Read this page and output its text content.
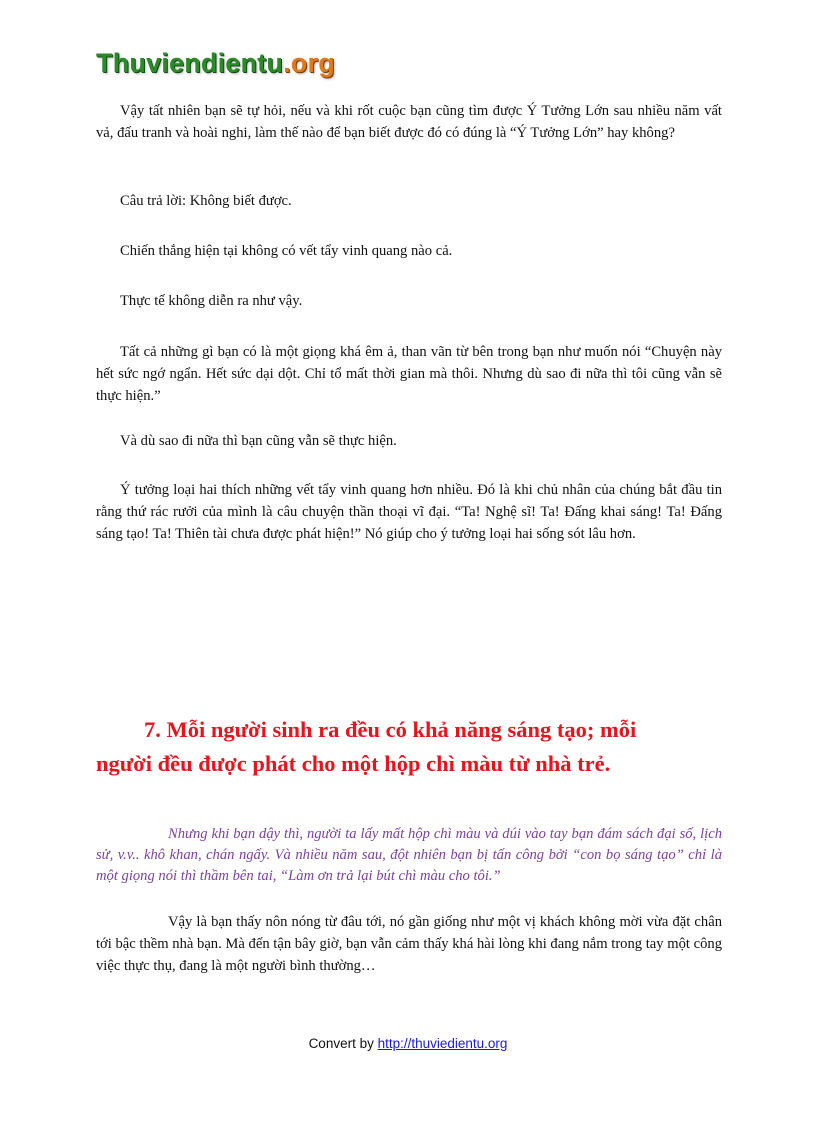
Thuviendientu.org

Vậy tất nhiên bạn sẽ tự hỏi, nếu và khi rốt cuộc bạn cũng tìm được Ý Tưởng Lớn sau nhiều năm vất vả, đấu tranh và hoài nghi, làm thế nào để bạn biết được đó có đúng là “Ý Tưởng Lớn” hay không?

Câu trả lời: Không biết được.

Chiến thắng hiện tại không có vết tẩy vinh quang nào cả.

Thực tế không diễn ra như vậy.

Tất cả những gì bạn có là một giọng khá êm ả, than vãn từ bên trong bạn như muốn nói “Chuyện này hết sức ngớ ngẩn. Hết sức dại dột. Chỉ tổ mất thời gian mà thôi. Nhưng dù sao đi nữa thì tôi cũng vẫn sẽ thực hiện.”

Và dù sao đi nữa thì bạn cũng vẫn sẽ thực hiện.

Ý tưởng loại hai thích những vết tẩy vinh quang hơn nhiều. Đó là khi chủ nhân của chúng bắt đầu tin rằng thứ rác rưởi của mình là câu chuyện thần thoại vĩ đại. “Ta! Nghệ sĩ! Ta! Đấng khai sáng! Ta! Đấng sáng tạo! Ta! Thiên tài chưa được phát hiện!” Nó giúp cho ý tưởng loại hai sống sót lâu hơn.

7. Mỗi người sinh ra đều có khả năng sáng tạo; mỗi
người đều được phát cho một hộp chì màu từ nhà trẻ.

Nhưng khi bạn dậy thì, người ta lấy mất hộp chì màu và dúi vào tay bạn đám sách đại số, lịch sử, v.v.. khô khan, chán ngấy. Và nhiều năm sau, đột nhiên bạn bị tấn công bởi “con bọ sáng tạo” chỉ là một giọng nói thì thầm bên tai, “Làm ơn trả lại bút chì màu cho tôi.”

Vậy là bạn thấy nôn nóng từ đâu tới, nó gần giống như một vị khách không mời vừa đặt chân tới bậc thềm nhà bạn. Mà đến tận bây giờ, bạn vẫn cảm thấy khá hài lòng khi đang nắm trong tay một công việc thực thụ, đang là một người bình thường…

Convert by http://thuviedientu.org
